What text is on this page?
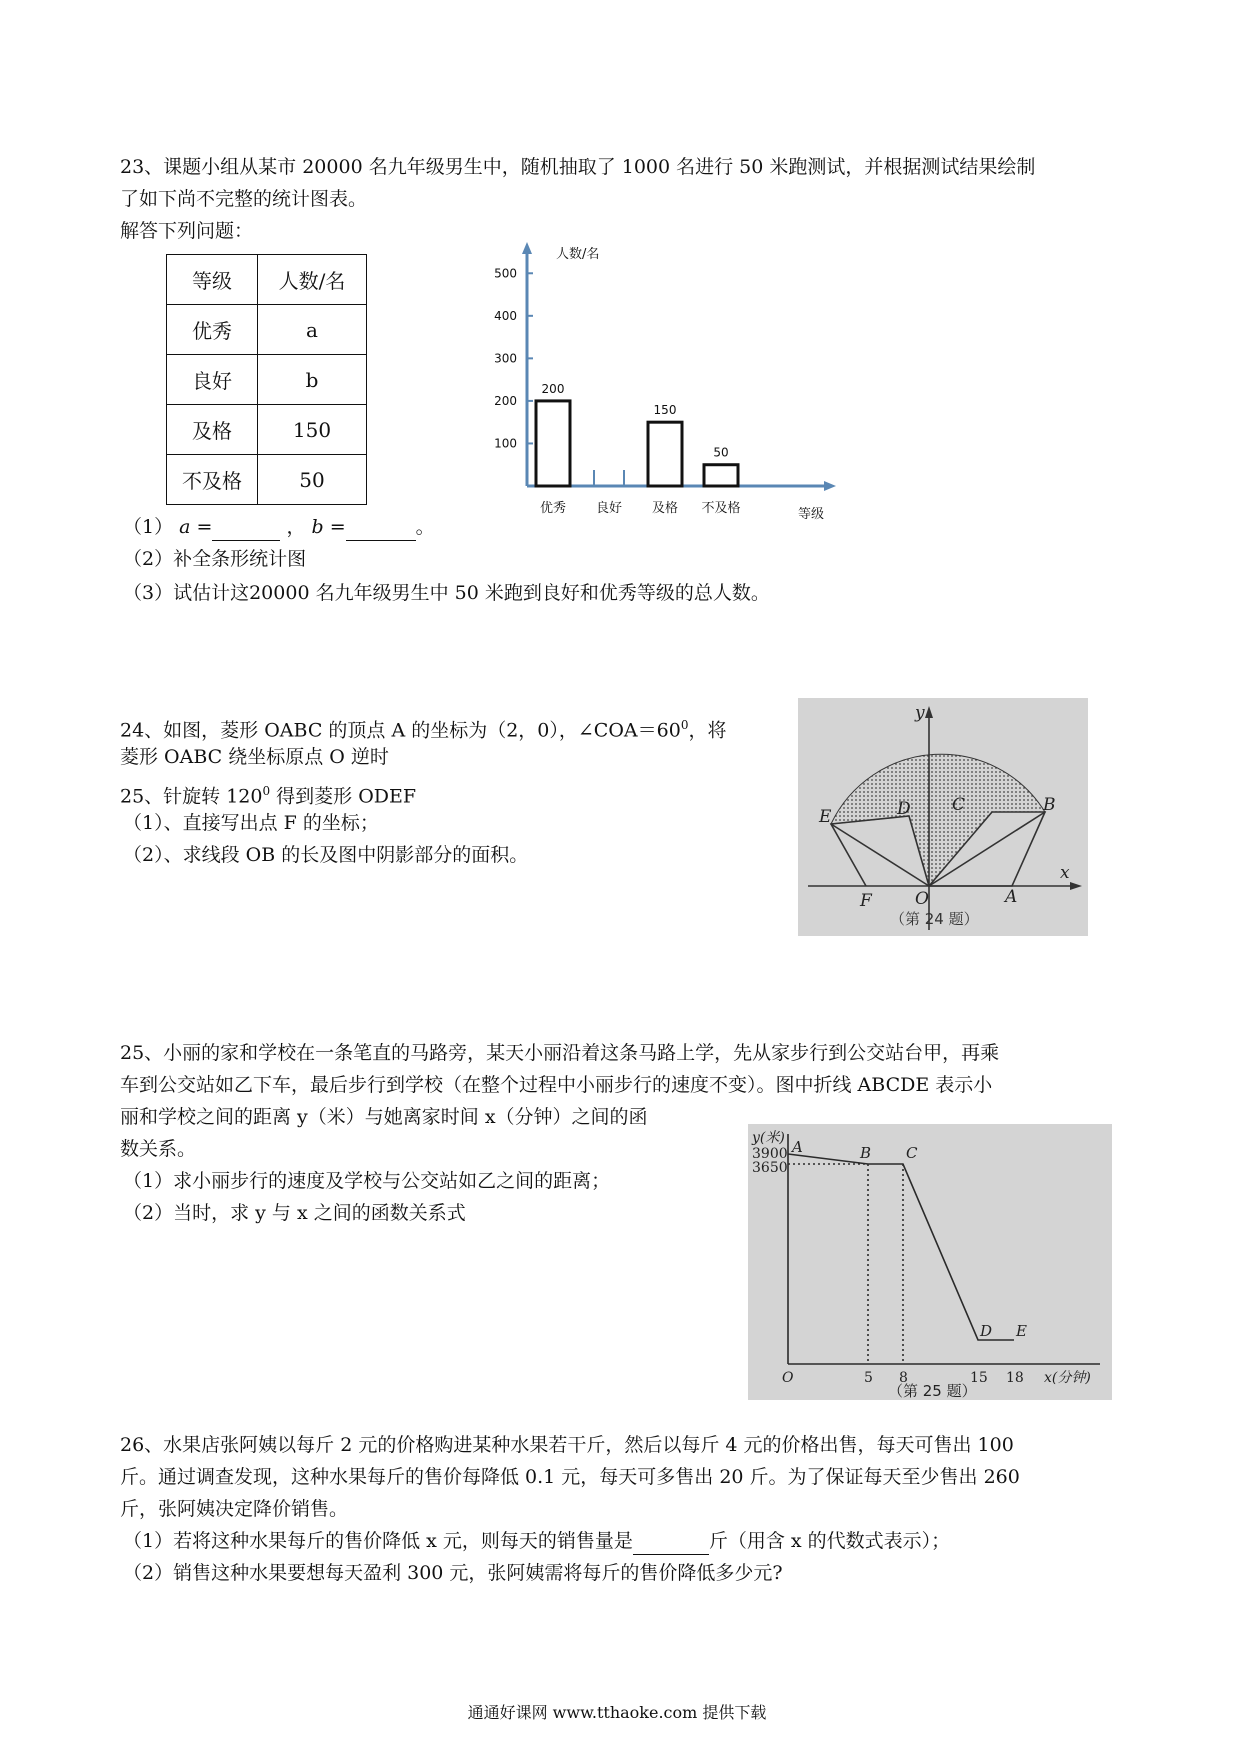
23、课题小组从某市 20000 名九年级男生中，随机抽取了 1000 名进行 50 米跑测试，并根据测试结果绘制
了如下尚不完整的统计图表。
解答下列问题：
等级	人数/名
优秀	a
良好	b
及格	150
不及格	50
人数/名
等级
500
400
300
200
100
200
优秀 良好
150
及格
50
不及格
（1） a =	， b =	。
（2）补全条形统计图
（3）试估计这20000 名九年级男生中 50 米跑到良好和优秀等级的总人数。
24、如图，菱形 OABC 的顶点 A 的坐标为（2，0），$\angle COA=60^0$，将
菱形 OABC 绕坐标原点 O 逆时
25、针旋转 $120^0$ 得到菱形 ODEF
（1）、直接写出点 F 的坐标；
（2）、求线段 OB 的长及图中阴影部分的面积。
y
x
E	D C	B
F	O	A
（第 24 题）
25、小丽的家和学校在一条笔直的马路旁，某天小丽沿着这条马路上学，先从家步行到公交站台甲，再乘
车到公交站如乙下车，最后步行到学校（在整个过程中小丽步行的速度不变）。图中折线 ABCDE 表示小
丽和学校之间的距离 y（米）与她离家时间 x（分钟）之间的函
数关系。
（1）求小丽步行的速度及学校与公交站如乙之间的距离；
（2）当时，求 y 与 x 之间的函数关系式
y(米)
3900
3650
O	5 8	15 18 x(分钟)
A	B C
D E
（第 25 题）
26、水果店张阿姨以每斤 2 元的价格购进某种水果若干斤，然后以每斤 4 元的价格出售，每天可售出 100
斤。通过调查发现，这种水果每斤的售价每降低 0.1 元，每天可多售出 20 斤。为了保证每天至少售出 260
斤，张阿姨决定降价销售。
（1）若将这种水果每斤的售价降低 x 元，则每天的销售量是	斤（用含 x 的代数式表示）；
（2）销售这种水果要想每天盈利 300 元，张阿姨需将每斤的售价降低多少元?
通通好课网 www.tthaoke.com 提供下载
